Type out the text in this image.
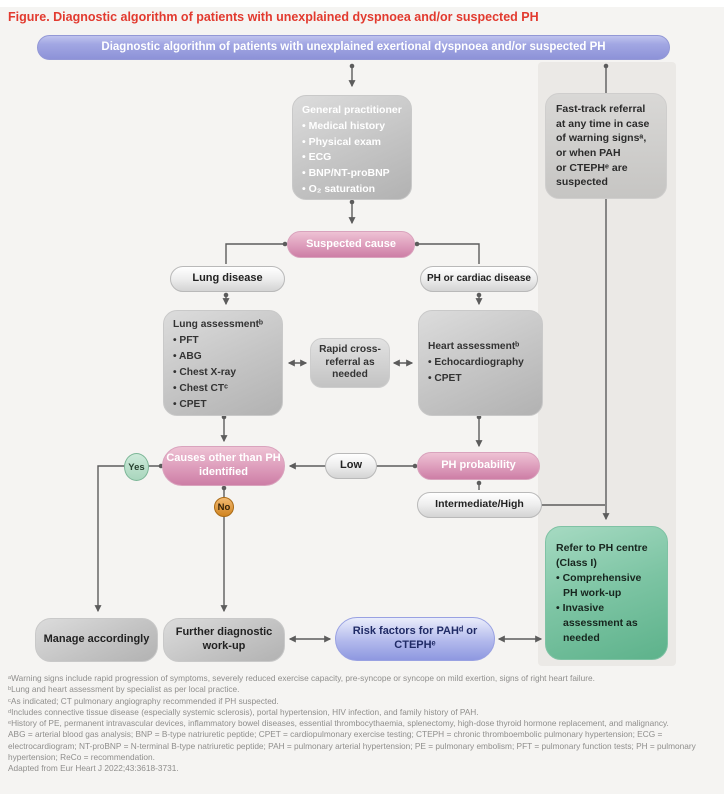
Figure. Diagnostic algorithm of patients with unexplained dyspnoea and/or suspected PH
Diagnostic algorithm of patients with unexplained exertional dyspnoea and/or suspected PH
General practitioner
• Medical history
• Physical exam
• ECG
• BNP/NT-proBNP
• O₂ saturation
Fast-track referral
at any time in case
of warning signsᵃ,
or when PAH
or CTEPHᵉ are
suspected
Suspected cause
Lung disease	PH or cardiac disease
Lung assessmentᵇ
• PFT
• ABG
• Chest X-ray
• Chest CTᶜ
• CPET
Rapid cross-referral as needed
Heart assessmentᵇ
• Echocardiography
• CPET
Causes other than PH identified
Low	PH probability
Intermediate/High
Yes
No
Refer to PH centre
(Class I)
• Comprehensive PH work-up
• Invasive assessment as needed
Manage accordingly
Further diagnostic work-up
Risk factors for PAHᵈ or CTEPHᵉ
ᵃWarning signs include rapid progression of symptoms, severely reduced exercise capacity, pre-syncope or syncope on mild exertion, signs of right heart failure.
ᵇLung and heart assessment by specialist as per local practice.
ᶜAs indicated; CT pulmonary angiography recommended if PH suspected.
ᵈIncludes connective tissue disease (especially systemic sclerosis), portal hypertension, HIV infection, and family history of PAH.
ᵉHistory of PE, permanent intravascular devices, inflammatory bowel diseases, essential thrombocythaemia, splenectomy, high-dose thyroid hormone replacement, and malignancy.
ABG = arterial blood gas analysis; BNP = B-type natriuretic peptide; CPET = cardiopulmonary exercise testing; CTEPH = chronic thromboembolic pulmonary hypertension; ECG = electrocardiogram; NT-proBNP = N-terminal B-type natriuretic peptide; PAH = pulmonary arterial hypertension; PE = pulmonary embolism; PFT = pulmonary function tests; PH = pulmonary hypertension; ReCo = recommendation.
Adapted from Eur Heart J 2022;43:3618-3731.
